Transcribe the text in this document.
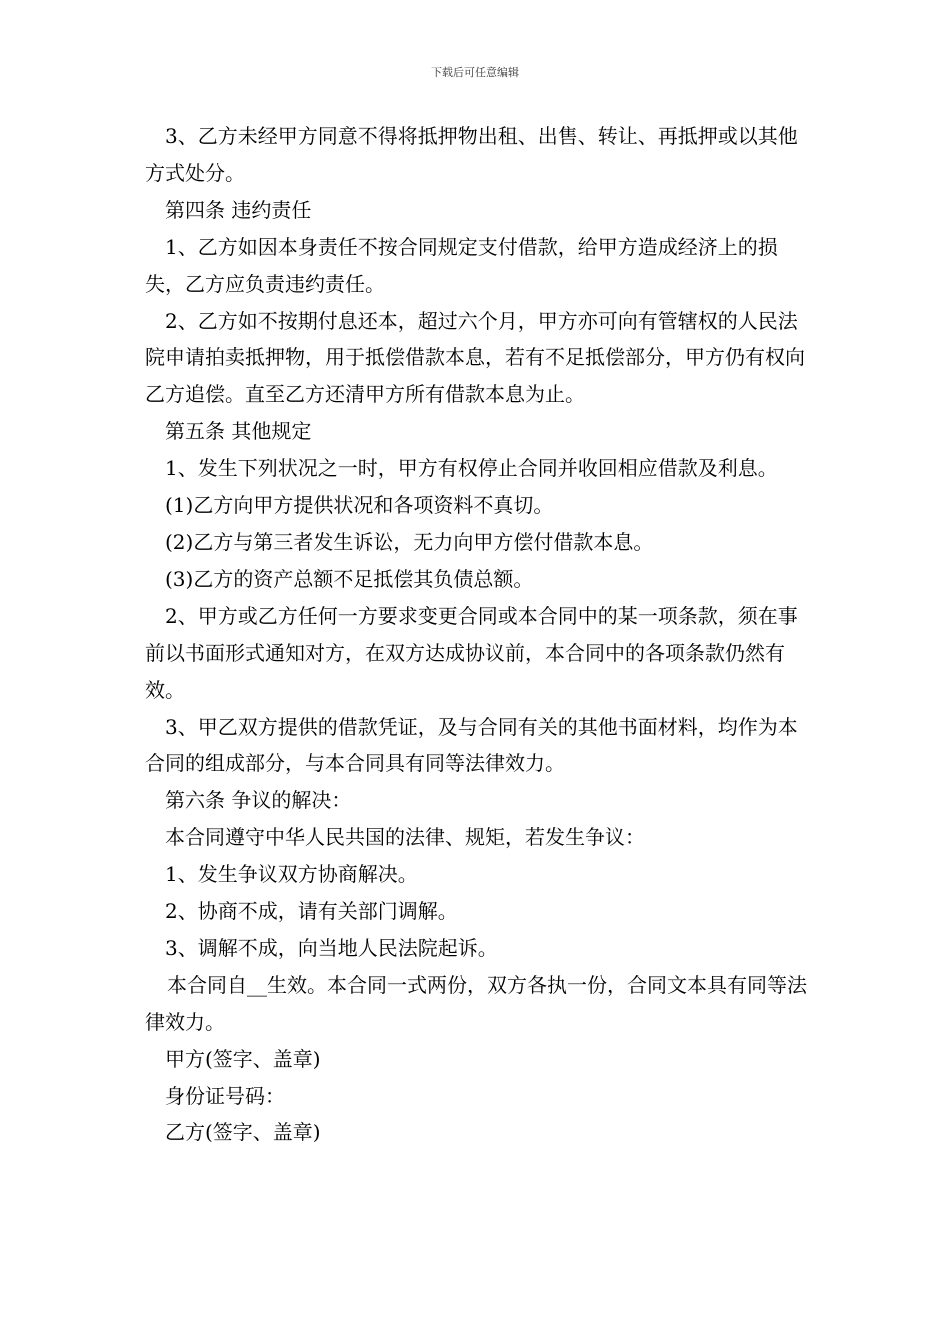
下载后可任意编辑

3、乙方未经甲方同意不得将抵押物出租、出售、转让、再抵押或以其他方式处分。

第四条 违约责任

1、乙方如因本身责任不按合同规定支付借款，给甲方造成经济上的损失，乙方应负责违约责任。

2、乙方如不按期付息还本，超过六个月，甲方亦可向有管辖权的人民法院申请拍卖抵押物，用于抵偿借款本息，若有不足抵偿部分，甲方仍有权向乙方追偿。直至乙方还清甲方所有借款本息为止。

第五条 其他规定

1、发生下列状况之一时，甲方有权停止合同并收回相应借款及利息。

(1)乙方向甲方提供状况和各项资料不真切。

(2)乙方与第三者发生诉讼，无力向甲方偿付借款本息。

(3)乙方的资产总额不足抵偿其负债总额。

2、甲方或乙方任何一方要求变更合同或本合同中的某一项条款，须在事前以书面形式通知对方，在双方达成协议前，本合同中的各项条款仍然有效。

3、甲乙双方提供的借款凭证，及与合同有关的其他书面材料，均作为本合同的组成部分，与本合同具有同等法律效力。

第六条 争议的解决：

本合同遵守中华人民共国的法律、规矩，若发生争议：

1、发生争议双方协商解决。

2、协商不成，请有关部门调解。

3、调解不成，向当地人民法院起诉。

本合同自__生效。本合同一式两份，双方各执一份，合同文本具有同等法律效力。

甲方(签字、盖章)

身份证号码：

乙方(签字、盖章)
